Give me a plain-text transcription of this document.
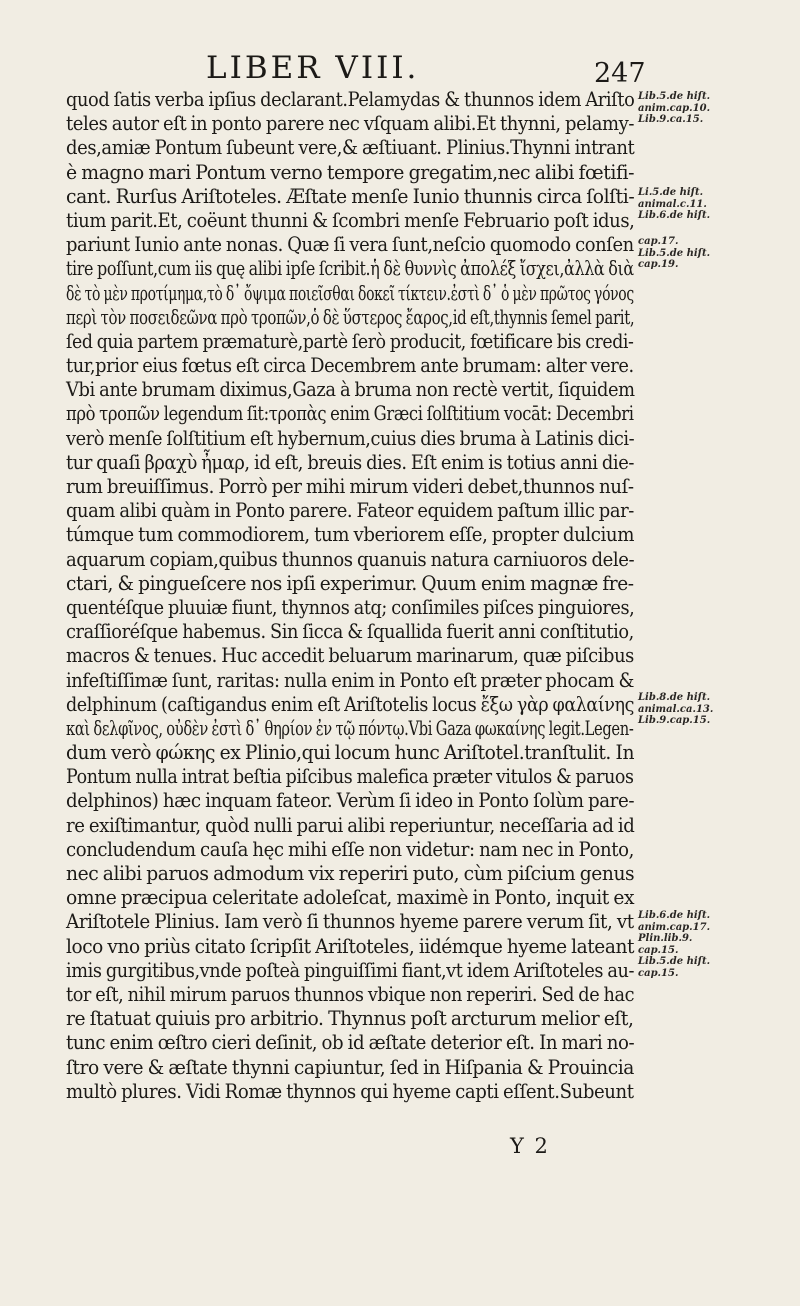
LIBER VIII.	247
quod ſatis verba ipſius declarant.Pelamydas & thunnos idem Ariſto
teles autor eſt in ponto parere nec vſquam alibi.Et thynni, pelamy-
des,amiæ Pontum ſubeunt vere,& æſtiuant. Plinius.Thynni intrant
è magno mari Pontum verno tempore gregatim,nec alibi fœtifi-
cant. Rurſus Ariſtoteles. Æſtate menſe Iunio thunnis circa ſolſti-
tium parit.Et, coëunt thunni & ſcombri menſe Februario poſt idus,
pariunt Iunio ante nonas. Quæ ſi vera ſunt,neſcio quomodo conſen
tire poſſunt,cum iis quę alibi ipſe ſcribit.ἡ δὲ θυννὶς ἀπολέξ ἴσχει,ἀλλὰ διὰ
δὲ τὸ μὲν προτίμημα,τὸ δ᾽ ὄψιμα ποιεῖσθαι δοκεῖ τίκτειν.ἐστὶ δ᾽ ὁ μὲν πρῶτος γόνος
περὶ τὸν ποσειδεῶνα πρὸ τροπῶν,ὁ δὲ ὕστερος ἔαρος,id eſt,thynnis ſemel parit,
ſed quia partem præmaturè,partè ſerò producit, fœtificare bis credi-
tur,prior eius fœtus eſt circa Decembrem ante brumam: alter vere.
Vbi ante brumam diximus,Gaza à bruma non rectè vertit, ſiquidem
πρὸ τροπῶν legendum ſit:τροπὰς enim Græci ſolſtitium vocāt: Decembri
verò menſe ſolſtitium eſt hybernum,cuius dies bruma à Latinis dici-
tur quaſi βραχὺ ἦμαρ, id eſt, breuis dies. Eſt enim is totius anni die-
rum breuiſſimus. Porrò per mihi mirum videri debet,thunnos nuſ-
quam alibi quàm in Ponto parere. Fateor equidem paſtum illic par-
túmque tum commodiorem, tum vberiorem eſſe, propter dulcium
aquarum copiam,quibus thunnos quanuis natura carniuoros dele-
ctari, & pingueſcere nos ipſi experimur. Quum enim magnæ fre-
quentéſque pluuiæ fiunt, thynnos atq; conſimiles piſces pinguiores,
craſſioréſque habemus. Sin ſicca & ſquallida fuerit anni conſtitutio,
macros & tenues. Huc accedit beluarum marinarum, quæ piſcibus
infeſtiſſimæ ſunt, raritas: nulla enim in Ponto eſt præter phocam &
delphinum (caſtigandus enim eſt Ariſtotelis locus ἔξω γὰρ φαλαίνης
καὶ δελφῖνος, οὐδὲν ἐστὶ δ᾽ θηρίον ἐν τῷ πόντῳ.Vbi Gaza φωκαίνης legit.Legen-
dum verò φώκης ex Plinio,qui locum hunc Ariſtotel.tranſtulit. In
Pontum nulla intrat beſtia piſcibus malefica præter vitulos & paruos
delphinos) hæc inquam fateor. Verùm ſi ideo in Ponto ſolùm pare-
re exiſtimantur, quòd nulli parui alibi reperiuntur, neceſſaria ad id
concludendum cauſa hęc mihi eſſe non videtur: nam nec in Ponto,
nec alibi paruos admodum vix reperiri puto, cùm piſcium genus
omne præcipua celeritate adoleſcat, maximè in Ponto, inquit ex
Ariſtotele Plinius. Iam verò ſi thunnos hyeme parere verum ſit, vt
loco vno priùs citato ſcripſit Ariſtoteles, iidémque hyeme lateant
imis gurgitibus,vnde poſteà pinguiſſimi fiant,vt idem Ariſtoteles au-
tor eſt, nihil mirum paruos thunnos vbique non reperiri. Sed de hac
re ſtatuat quiuis pro arbitrio. Thynnus poſt arcturum melior eſt,
tunc enim œſtro cieri deſinit, ob id æſtate deterior eſt. In mari no-
ſtro vere & æſtate thynni capiuntur, ſed in Hiſpania & Prouincia
multò plures. Vidi Romæ thynnos qui hyeme capti eſſent.Subeunt
Lib.5.de hiſt.
anim.cap.10.
Lib.9.ca.15.
Li.5.de hiſt.
animal.c.11.
Lib.6.de hiſt.
cap.17.
Lib.5.de hiſt.
cap.19.
Lib.8.de hiſt.
animal.ca.13.
Lib.9.cap.15.
Lib.6.de hiſt.
anim.cap.17.
Plin.lib.9.
cap.15.
Lib.5.de hiſt.
cap.15.
Y 2
